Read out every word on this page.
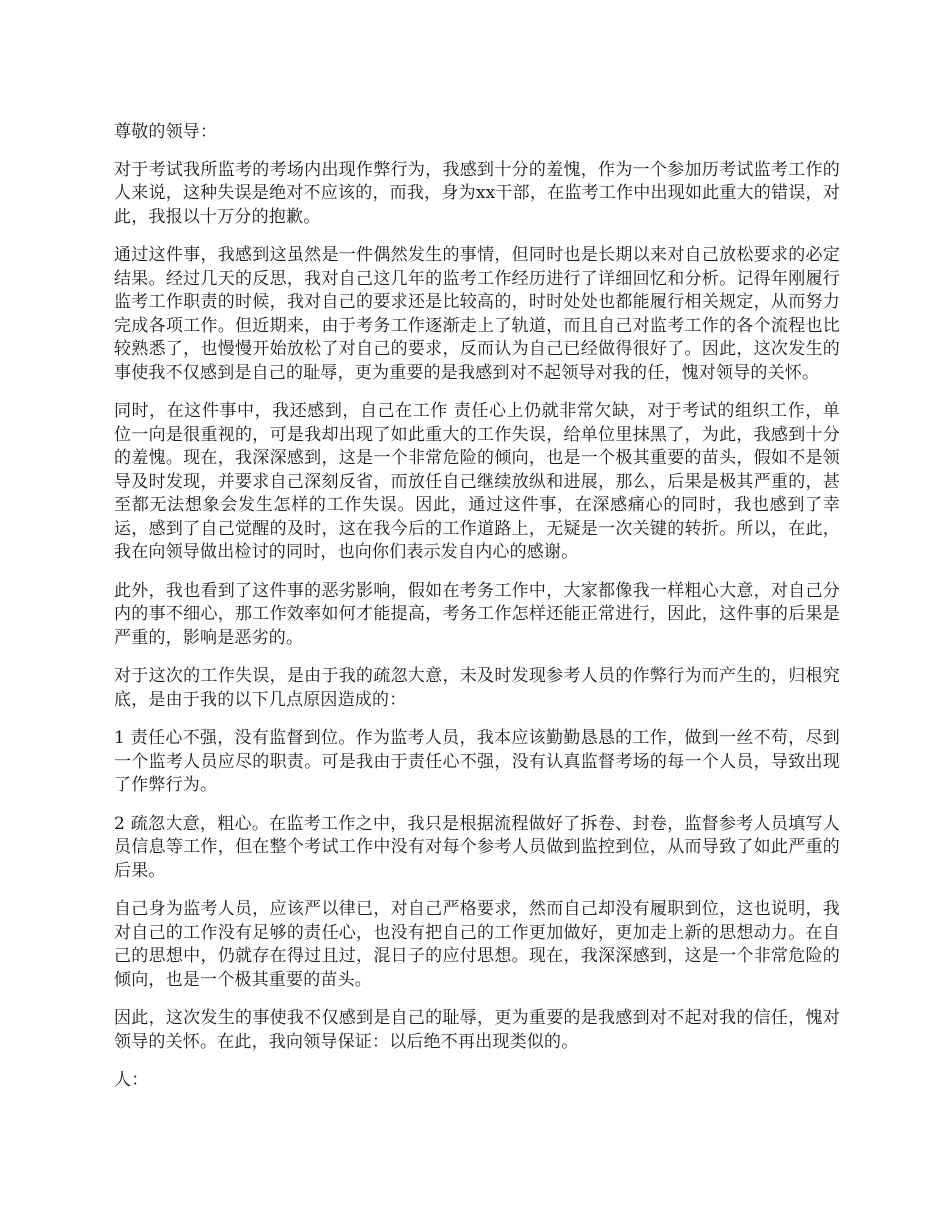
尊敬的领导：

对于考试我所监考的考场内出现作弊行为，我感到十分的羞愧，作为一个参加历考试监考工作的人来说，这种失误是绝对不应该的，而我，身为xx干部，在监考工作中出现如此重大的错误，对此，我报以十万分的抱歉。

通过这件事，我感到这虽然是一件偶然发生的事情，但同时也是长期以来对自己放松要求的必定结果。经过几天的反思，我对自己这几年的监考工作经历进行了详细回忆和分析。记得年刚履行监考工作职责的时候，我对自己的要求还是比较高的，时时处处也都能履行相关规定，从而努力完成各项工作。但近期来，由于考务工作逐渐走上了轨道，而且自己对监考工作的各个流程也比较熟悉了，也慢慢开始放松了对自己的要求，反而认为自己已经做得很好了。因此，这次发生的事使我不仅感到是自己的耻辱，更为重要的是我感到对不起领导对我的任，愧对领导的关怀。

同时，在这件事中，我还感到，自己在工作 责任心上仍就非常欠缺，对于考试的组织工作，单位一向是很重视的，可是我却出现了如此重大的工作失误，给单位里抹黑了，为此，我感到十分的羞愧。现在，我深深感到，这是一个非常危险的倾向，也是一个极其重要的苗头，假如不是领导及时发现，并要求自己深刻反省，而放任自己继续放纵和进展，那么，后果是极其严重的，甚至都无法想象会发生怎样的工作失误。因此，通过这件事，在深感痛心的同时，我也感到了幸运，感到了自己觉醒的及时，这在我今后的工作道路上，无疑是一次关键的转折。所以，在此，我在向领导做出检讨的同时，也向你们表示发自内心的感谢。

此外，我也看到了这件事的恶劣影响，假如在考务工作中，大家都像我一样粗心大意，对自己分内的事不细心，那工作效率如何才能提高，考务工作怎样还能正常进行，因此，这件事的后果是严重的，影响是恶劣的。

对于这次的工作失误，是由于我的疏忽大意，未及时发现参考人员的作弊行为而产生的，归根究底，是由于我的以下几点原因造成的：

1 责任心不强，没有监督到位。作为监考人员，我本应该勤勤恳恳的工作，做到一丝不苟，尽到一个监考人员应尽的职责。可是我由于责任心不强，没有认真监督考场的每一个人员，导致出现了作弊行为。

2 疏忽大意，粗心。在监考工作之中，我只是根据流程做好了拆卷、封卷，监督参考人员填写人员信息等工作，但在整个考试工作中没有对每个参考人员做到监控到位，从而导致了如此严重的后果。

自己身为监考人员，应该严以律已，对自己严格要求，然而自己却没有履职到位，这也说明，我对自己的工作没有足够的责任心，也没有把自己的工作更加做好，更加走上新的思想动力。在自己的思想中，仍就存在得过且过，混日子的应付思想。现在，我深深感到，这是一个非常危险的倾向，也是一个极其重要的苗头。

因此，这次发生的事使我不仅感到是自己的耻辱，更为重要的是我感到对不起对我的信任，愧对领导的关怀。在此，我向领导保证：以后绝不再出现类似的。

人：
